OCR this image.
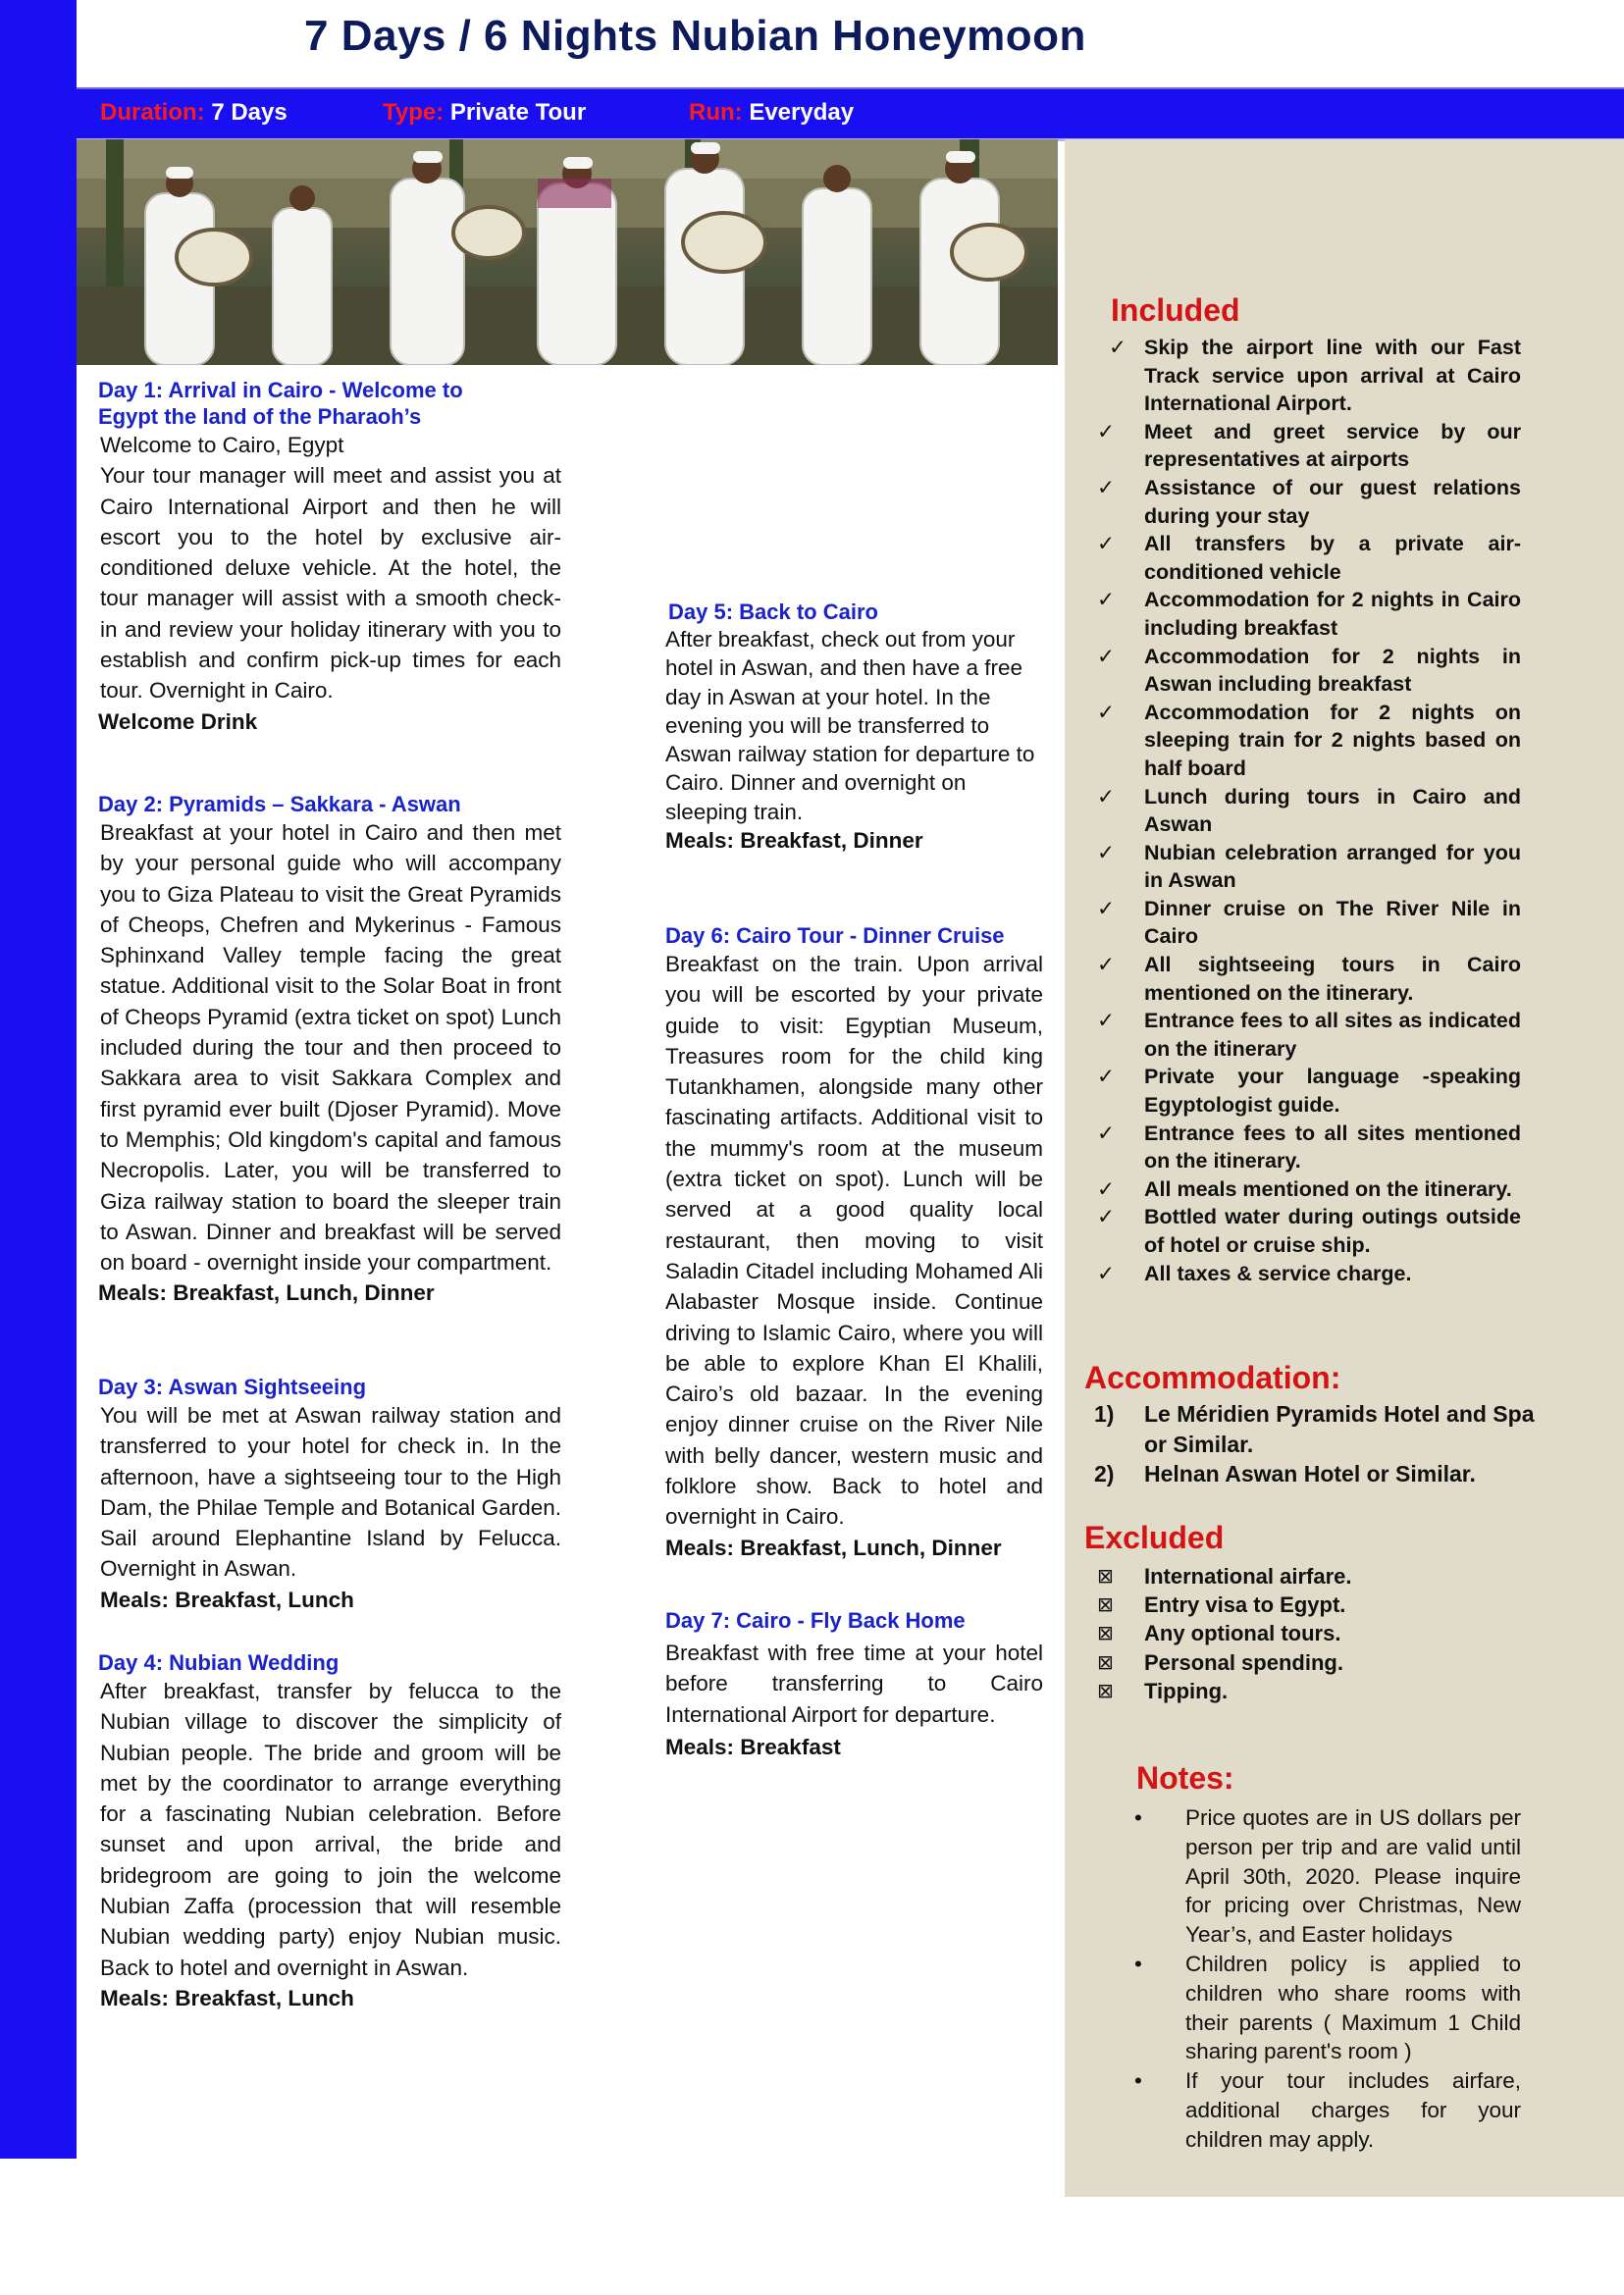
7 Days / 6 Nights Nubian Honeymoon
Duration: 7 Days	Type: Private Tour	Run: Everyday
Day 1: Arrival in Cairo - Welcome to
Egypt the land of the Pharaoh’s
Welcome to Cairo, Egypt
Your tour manager will meet and assist you at Cairo International Airport and then he will escort you to the hotel by exclusive air-conditioned deluxe vehicle. At the hotel, the tour manager will assist with a smooth check-in and review your holiday itinerary with you to establish and confirm pick-up times for each tour. Overnight in Cairo.
Welcome Drink
Day 2: Pyramids – Sakkara - Aswan
Breakfast at your hotel in Cairo and then met by your personal guide who will accompany you to Giza Plateau to visit the Great Pyramids of Cheops, Chefren and Mykerinus - Famous Sphinxand Valley temple facing the great statue. Additional visit to the Solar Boat in front of Cheops Pyramid (extra ticket on spot) Lunch included during the tour and then proceed to Sakkara area to visit Sakkara Complex and first pyramid ever built (Djoser Pyramid). Move to Memphis; Old kingdom's capital and famous Necropolis. Later, you will be transferred to Giza railway station to board the sleeper train to Aswan. Dinner and breakfast will be served on board - overnight inside your compartment.
Meals: Breakfast, Lunch, Dinner
Day 3: Aswan Sightseeing
You will be met at Aswan railway station and transferred to your hotel for check in. In the afternoon, have a sightseeing tour to the High Dam, the Philae Temple and Botanical Garden. Sail around Elephantine Island by Felucca. Overnight in Aswan.
Meals: Breakfast, Lunch
Day 4: Nubian Wedding
After breakfast, transfer by felucca to the Nubian village to discover the simplicity of Nubian people. The bride and groom will be met by the coordinator to arrange everything for a fascinating Nubian celebration. Before sunset and upon arrival, the bride and bridegroom are going to join the welcome Nubian Zaffa (procession that will resemble Nubian wedding party) enjoy Nubian music. Back to hotel and overnight in Aswan.
Meals: Breakfast, Lunch
Day 5: Back to Cairo
After breakfast, check out from your hotel in Aswan, and then have a free day in Aswan at your hotel. In the evening you will be transferred to Aswan railway station for departure to Cairo. Dinner and overnight on sleeping train.
Meals: Breakfast, Dinner
Day 6: Cairo Tour - Dinner Cruise
Breakfast on the train. Upon arrival you will be escorted by your private guide to visit: Egyptian Museum, Treasures room for the child king Tutankhamen, alongside many other fascinating artifacts. Additional visit to the mummy's room at the museum (extra ticket on spot). Lunch will be served at a good quality local restaurant, then moving to visit Saladin Citadel including Mohamed Ali Alabaster Mosque inside. Continue driving to Islamic Cairo, where you will be able to explore Khan El Khalili, Cairo’s old bazaar. In the evening enjoy dinner cruise on the River Nile with belly dancer, western music and folklore show. Back to hotel and overnight in Cairo.
Meals: Breakfast, Lunch, Dinner
Day 7: Cairo - Fly Back Home
Breakfast with free time at your hotel before transferring to Cairo International Airport for departure.
Meals: Breakfast
Included
✓ Skip the airport line with our Fast Track service upon arrival at Cairo International Airport.
✓ Meet and greet service by our representatives at airports
✓ Assistance of our guest relations during your stay
✓ All transfers by a private air-conditioned vehicle
✓ Accommodation for 2 nights in Cairo including breakfast
✓ Accommodation for 2 nights in Aswan including breakfast
✓ Accommodation for 2 nights on sleeping train for 2 nights based on half board
✓ Lunch during tours in Cairo and Aswan
✓ Nubian celebration arranged for you in Aswan
✓ Dinner cruise on The River Nile in Cairo
✓ All sightseeing tours in Cairo mentioned on the itinerary.
✓ Entrance fees to all sites as indicated on the itinerary
✓ Private your language -speaking Egyptologist guide.
✓ Entrance fees to all sites mentioned on the itinerary.
✓ All meals mentioned on the itinerary.
✓ Bottled water during outings outside of hotel or cruise ship.
✓ All taxes & service charge.
Accommodation:
1) Le Méridien Pyramids Hotel and Spa or Similar.
2) Helnan Aswan Hotel or Similar.
Excluded
⊠ International airfare.
⊠ Entry visa to Egypt.
⊠ Any optional tours.
⊠ Personal spending.
⊠ Tipping.
Notes:
• Price quotes are in US dollars per person per trip and are valid until April 30th, 2020. Please inquire for pricing over Christmas, New Year’s, and Easter holidays
• Children policy is applied to children who share rooms with their parents ( Maximum 1 Child sharing parent's room )
• If your tour includes airfare, additional charges for your children may apply.
